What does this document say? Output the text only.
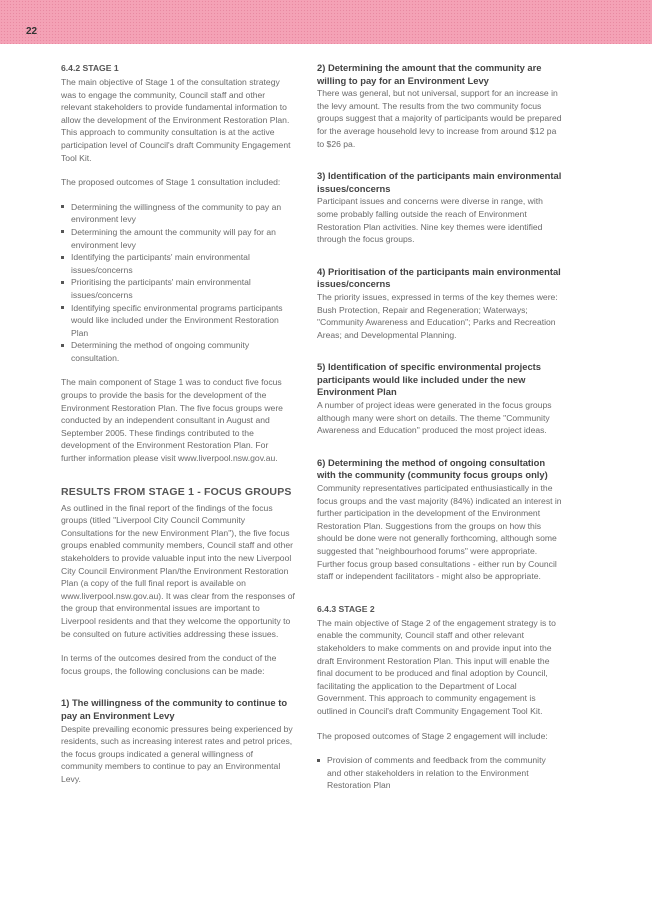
22
6.4.2 STAGE 1

The main objective of Stage 1 of the consultation strategy was to engage the community, Council staff and other relevant stakeholders to provide fundamental information to allow the development of the Environment Restoration Plan.

This approach to community consultation is at the active participation level of Council's draft Community Engagement Tool Kit.

The proposed outcomes of Stage 1 consultation included:

Determining the willingness of the community to pay an environment levy
Determining the amount the community will pay for an environment levy
Identifying the participants' main environmental issues/concerns
Prioritising the participants' main environmental issues/concerns
Identifying specific environmental programs participants would like included under the Environment Restoration Plan
Determining the method of ongoing community consultation.

The main component of Stage 1 was to conduct five focus groups to provide the basis for the development of the Environment Restoration Plan. The five focus groups were conducted by an independent consultant in August and September 2005. These findings contributed to the development of the Environment Restoration Plan. For further information please visit www.liverpool.nsw.gov.au.

RESULTS FROM STAGE 1 - FOCUS GROUPS

As outlined in the final report of the findings of the focus groups (titled "Liverpool City Council Community Consultations for the new Environment Plan"), the five focus groups enabled community members, Council staff and other stakeholders to provide valuable input into the new Liverpool City Council Environment Plan/the Environment Restoration Plan (a copy of the full final report is available on www.liverpool.nsw.gov.au). It was clear from the responses of the group that environmental issues are important to Liverpool residents and that they welcome the opportunity to be consulted on future activities addressing these issues.

In terms of the outcomes desired from the conduct of the focus groups, the following conclusions can be made:

1) The willingness of the community to continue to pay an Environment Levy

Despite prevailing economic pressures being experienced by residents, such as increasing interest rates and petrol prices, the focus groups indicated a general willingness of community members to continue to pay an Environmental Levy.

2) Determining the amount that the community are willing to pay for an Environment Levy

There was general, but not universal, support for an increase in the levy amount. The results from the two community focus groups suggest that a majority of participants would be prepared for the average household levy to increase from around $12 pa to $26 pa.

3) Identification of the participants main environmental issues/concerns

Participant issues and concerns were diverse in range, with some probably falling outside the reach of Environment Restoration Plan activities. Nine key themes were identified through the focus groups.

4) Prioritisation of the participants main environmental issues/concerns

The priority issues, expressed in terms of the key themes were: Bush Protection, Repair and Regeneration; Waterways; "Community Awareness and Education"; Parks and Recreation Areas; and Developmental Planning.

5) Identification of specific environmental projects participants would like included under the new Environment Plan

A number of project ideas were generated in the focus groups although many were short on details. The theme "Community Awareness and Education" produced the most project ideas.

6) Determining the method of ongoing consultation with the community (community focus groups only)

Community representatives participated enthusiastically in the focus groups and the vast majority (84%) indicated an interest in further participation in the development of the Environment Restoration Plan. Suggestions from the groups on how this should be done were not generally forthcoming, although some suggested that "neighbourhood forums" were appropriate. Further focus group based consultations - either run by Council staff or independent facilitators - might also be appropriate.

6.4.3 STAGE 2

The main objective of Stage 2 of the engagement strategy is to enable the community, Council staff and other relevant stakeholders to make comments on and provide input into the draft Environment Restoration Plan. This input will enable the final document to be produced and final adoption by Council, facilitating the application to the Department of Local Government. This approach to community engagement is outlined in Council's draft Community Engagement Tool Kit.

The proposed outcomes of Stage 2 engagement will include:

Provision of comments and feedback from the community and other stakeholders in relation to the Environment Restoration Plan
